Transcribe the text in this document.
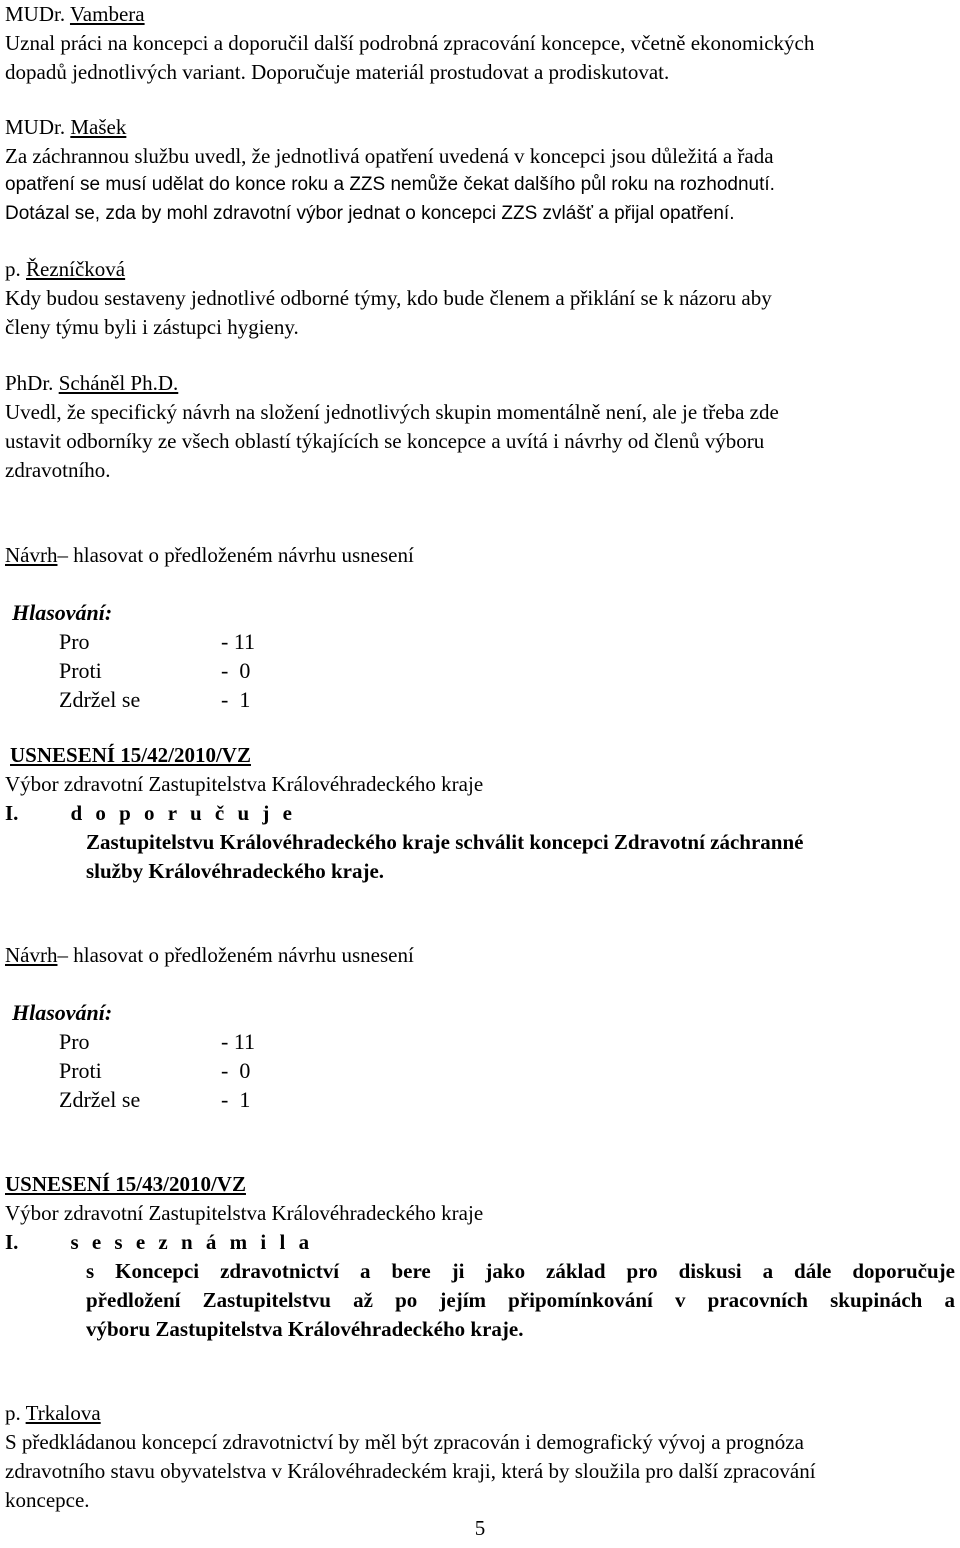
MUDr. Vambera
Uznal práci na koncepci a doporučil další podrobná zpracování koncepce, včetně ekonomických
dopadů jednotlivých variant. Doporučuje materiál prostudovat a prodiskutovat.
MUDr. Mašek
Za záchrannou službu uvedl, že jednotlivá opatření uvedená v koncepci jsou důležitá a řada
opatření se musí udělat do konce roku a ZZS nemůže čekat dalšího půl roku na rozhodnutí.
Dotázal se, zda by mohl zdravotní výbor jednat o koncepci ZZS zvlášť a přijal opatření.
p. Řezníčková
Kdy budou sestaveny jednotlivé odborné týmy, kdo bude členem a přiklání se k názoru aby
členy týmu byli i zástupci hygieny.
PhDr. Scháněl Ph.D.
Uvedl, že specifický návrh na složení jednotlivých skupin momentálně není, ale je třeba zde
ustavit odborníky ze všech oblastí týkajících se koncepce a uvítá i návrhy od členů výboru
zdravotního.
Návrh– hlasovat o předloženém návrhu usnesení
Hlasování:
Pro	- 11
Proti	-  0
Zdržel se	-  1
USNESENÍ 15/42/2010/VZ
Výbor zdravotní Zastupitelstva Královéhradeckého kraje
I. d o p o r u č u j e
Zastupitelstvu Královéhradeckého kraje schválit koncepci Zdravotní záchranné
služby Královéhradeckého kraje.
Návrh– hlasovat o předloženém návrhu usnesení
Hlasování:
Pro	- 11
Proti	-  0
Zdržel se	-  1
USNESENÍ 15/43/2010/VZ
Výbor zdravotní Zastupitelstva Královéhradeckého kraje
I. s e s e z n á m i l a
s Koncepci zdravotnictví a bere ji jako základ pro diskusi a dále doporučuje
předložení Zastupitelstvu až po jejím připomínkování v pracovních skupinách a
výboru Zastupitelstva Královéhradeckého kraje.
p. Trkalova
S předkládanou koncepcí zdravotnictví by měl být zpracován i demografický vývoj a prognóza
zdravotního stavu obyvatelstva v Královéhradeckém kraji, která by sloužila pro další zpracování
koncepce.
5
